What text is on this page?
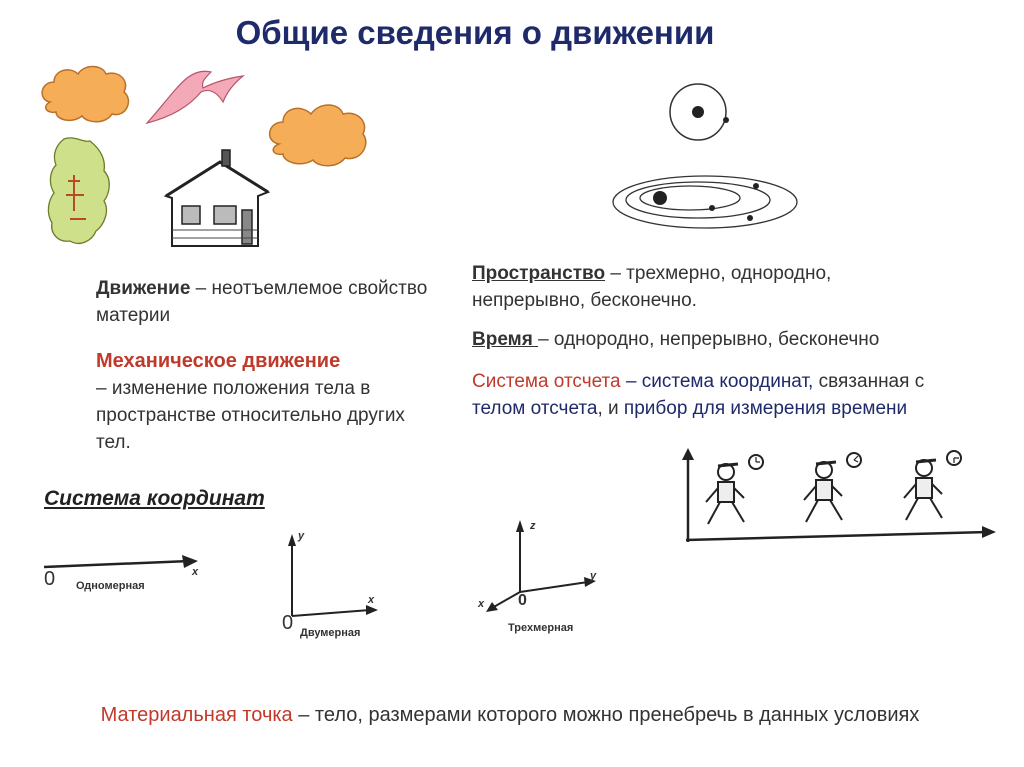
Общие сведения о движении
Движение – неотъемлемое свойство материи
Механическое движение
– изменение положения тела в пространстве относительно других тел.
Пространство – трехмерно, однородно, непрерывно, бесконечно.
Время – однородно, непрерывно, бесконечно
Система отсчета – система координат, связанная с телом отсчета, и прибор для измерения времени
Система координат
0 Одномерная
x
y
x
0 Двумерная
z
y
x 0
Трехмерная
Материальная точка – тело, размерами которого можно пренебречь в данных условиях
